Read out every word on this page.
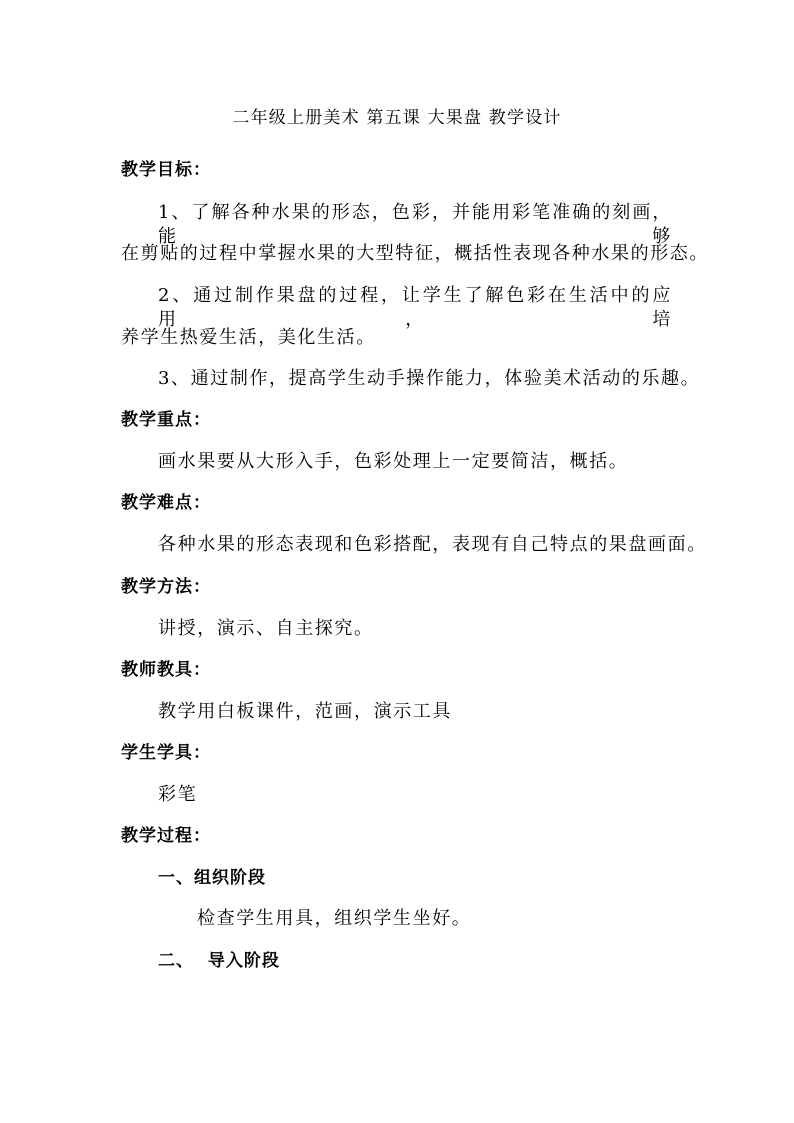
二年级上册美术 第五课 大果盘 教学设计
教学目标：
1、了解各种水果的形态，色彩，并能用彩笔准确的刻画，能够
在剪贴的过程中掌握水果的大型特征，概括性表现各种水果的形态。
2、通过制作果盘的过程，让学生了解色彩在生活中的应用，培
养学生热爱生活，美化生活。
3、通过制作，提高学生动手操作能力，体验美术活动的乐趣。
教学重点：
画水果要从大形入手，色彩处理上一定要简洁，概括。
教学难点：
各种水果的形态表现和色彩搭配，表现有自己特点的果盘画面。
教学方法：
讲授，演示、自主探究。
教师教具：
教学用白板课件，范画，演示工具
学生学具：
彩笔
教学过程：
一、组织阶段
检查学生用具，组织学生坐好。
二、  导入阶段
